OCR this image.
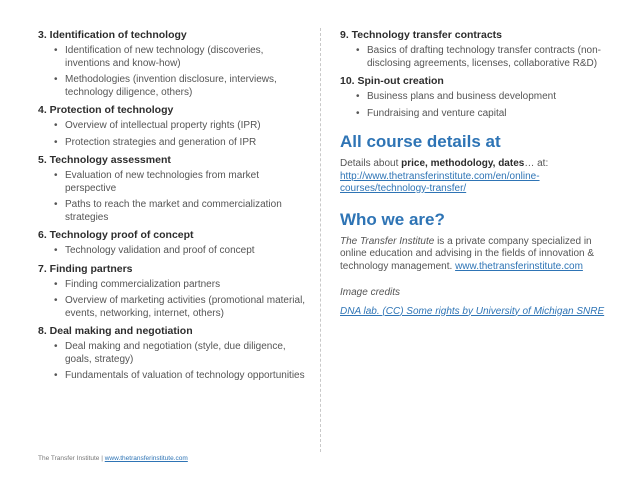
3. Identification of technology
• Identification of new technology (discoveries, inventions and know-how)
• Methodologies (invention disclosure, interviews, technology diligence, others)
4. Protection of technology
• Overview of intellectual property rights (IPR)
• Protection strategies and generation of IPR
5. Technology assessment
• Evaluation of new technologies from market perspective
• Paths to reach the market and commercialization strategies
6. Technology proof of concept
• Technology validation and proof of concept
7. Finding partners
• Finding commercialization partners
• Overview of marketing activities (promotional material, events, networking, internet, others)
8. Deal making and negotiation
• Deal making and negotiation (style, due diligence, goals, strategy)
• Fundamentals of valuation of technology opportunities
9. Technology transfer contracts
• Basics of drafting technology transfer contracts (non-disclosing agreements, licenses, collaborative R&D)
10. Spin-out creation
• Business plans and business development
• Fundraising and venture capital
All course details at

Details about price, methodology, dates… at:
http://www.thetransferinstitute.com/en/online-courses/technology-transfer/

Who we are?

The Transfer Institute is a private company specialized in online education and advising in the fields of innovation & technology management. www.thetransferinstitute.com

Image credits

DNA lab. (CC) Some rights by University of Michigan SNRE

The Transfer Institute | www.thetransferinstitute.com
